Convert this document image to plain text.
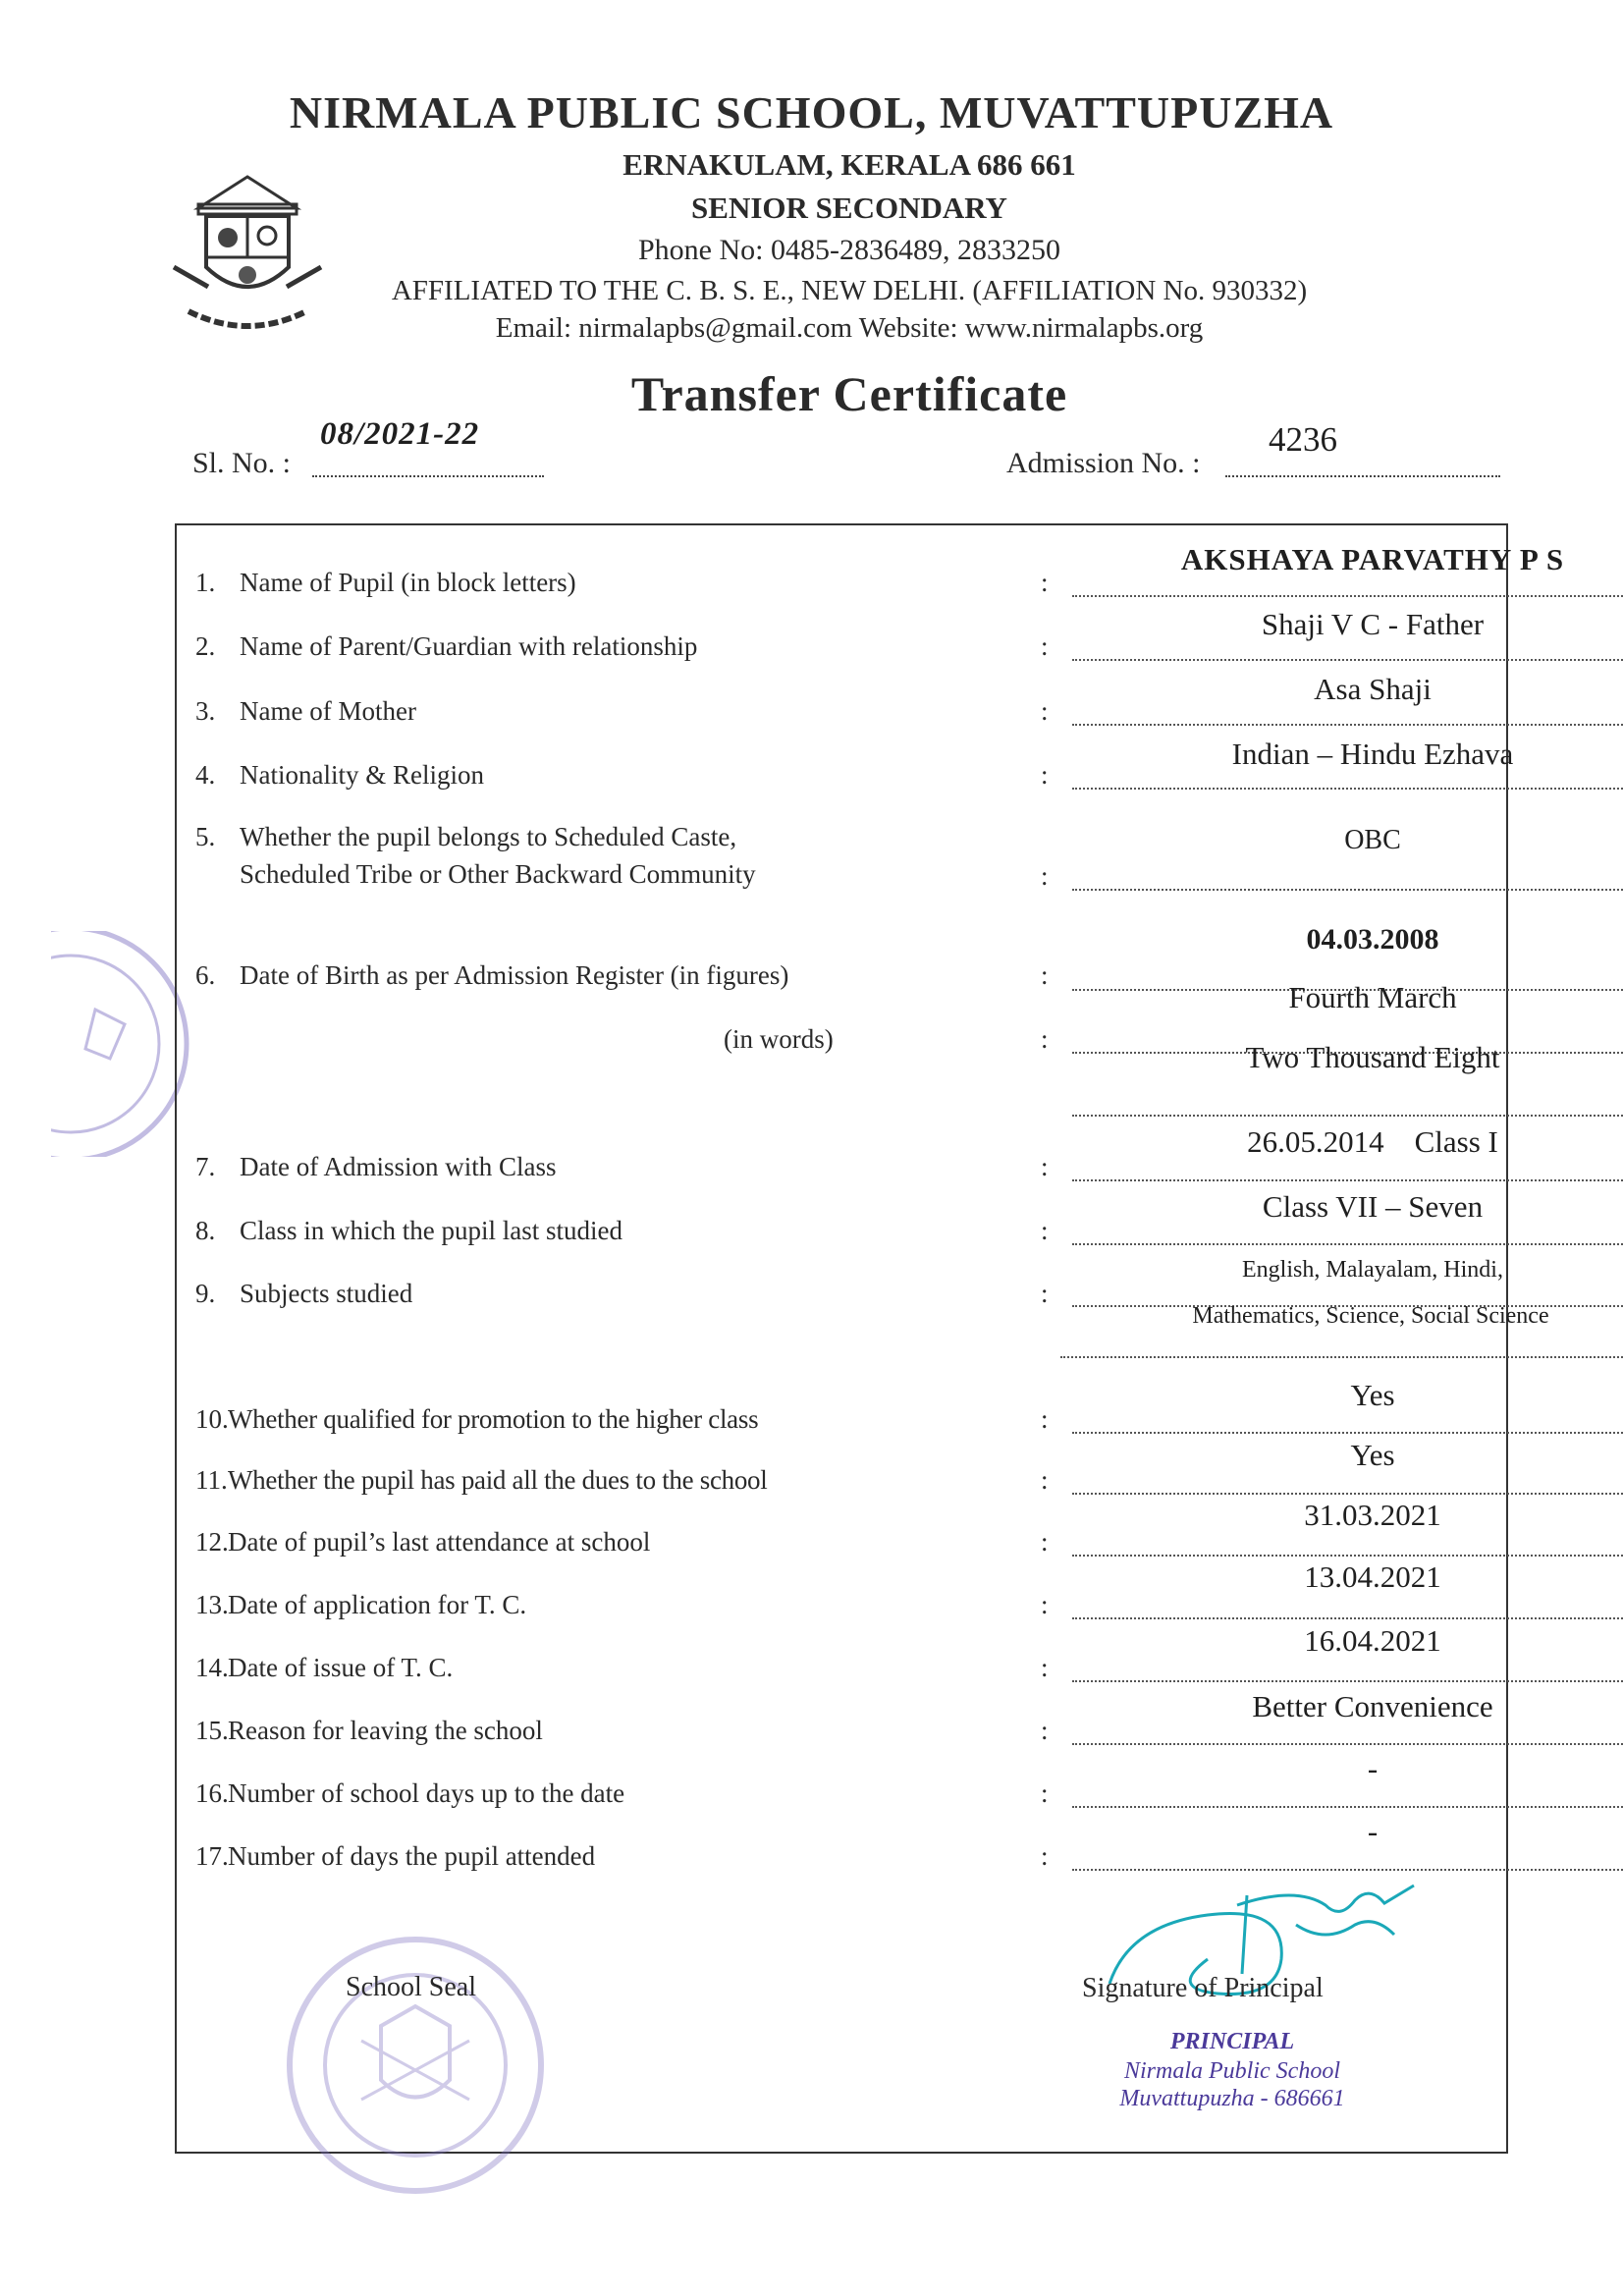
NIRMALA PUBLIC SCHOOL, MUVATTUPUZHA
ERNAKULAM, KERALA 686 661
SENIOR SECONDARY
Phone No: 0485-2836489, 2833250
AFFILIATED TO THE C. B. S. E., NEW DELHI. (AFFILIATION No. 930332)
Email: nirmalapbs@gmail.com Website: www.nirmalapbs.org
Transfer Certificate
Sl. No. :
08/2021-22
Admission No. :
4236
1. Name of Pupil (in block letters)	:
AKSHAYA PARVATHY P S
2. Name of Parent/Guardian with relationship	:
Shaji V C - Father
3. Name of Mother	:
Asa Shaji
4. Nationality & Religion	:
Indian – Hindu Ezhava
5. Whether the pupil belongs to Scheduled Caste,
Scheduled Tribe or Other Backward Community	:
OBC
6. Date of Birth as per Admission Register (in figures)	:
04.03.2008
Fourth March
(in words)	:
Two Thousand Eight
7. Date of Admission with Class	:
26.05.2014    Class I
8. Class in which the pupil last studied	:
Class VII – Seven
9. Subjects studied	:
English, Malayalam, Hindi,
Mathematics, Science, Social Science
10. Whether qualified for promotion to the higher class	:
Yes
11. Whether the pupil has paid all the dues to the school	:
Yes
12. Date of pupil’s last attendance at school	:
31.03.2021
13. Date of application for T. C.	:
13.04.2021
14. Date of issue of T. C.	:
16.04.2021
15. Reason for leaving the school	:
Better Convenience
16. Number of school days up to the date	:
-
17. Number of days the pupil attended	:
-
School Seal	Signature of Principal
PRINCIPAL
Nirmala Public School
Muvattupuzha - 686661
